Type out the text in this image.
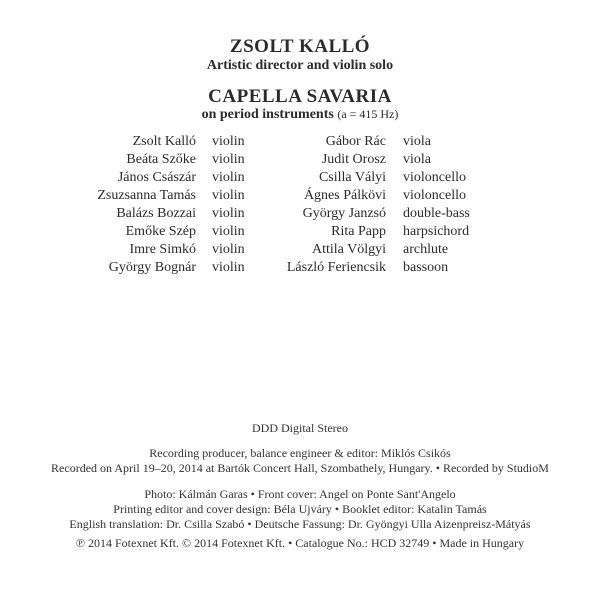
ZSOLT KALLÓ
Artistic director and violin solo
CAPELLA SAVARIA
on period instruments (a = 415 Hz)
Zsolt Kalló
Beáta Szőke
János Császár
Zsuzsanna Tamás
Balázs Bozzai
Emőke Szép
Imre Simkó
György Bognár
violin
violin
violin
violin
violin
violin
violin
violin
Gábor Rác
Judit Orosz
Csilla Vályi
Ágnes Pálkövi
György Janzsó
Rita Papp
Attila Völgyi
László Feriencsik
viola
viola
violoncello
violoncello
double-bass
harpsichord
archlute
bassoon
DDD Digital Stereo
Recording producer, balance engineer & editor: Miklós Csikós
Recorded on April 19–20, 2014 at Bartók Concert Hall, Szombathely, Hungary. • Recorded by StudioM
Photo: Kálmán Garas • Front cover: Angel on Ponte Sant'Angelo
Printing editor and cover design: Béla Ujváry • Booklet editor: Katalin Tamás
English translation: Dr. Csilla Szabó • Deutsche Fassung: Dr. Gyöngyi Ulla Aizenpreisz-Mátyás
℗ 2014 Fotexnet Kft. © 2014 Fotexnet Kft. • Catalogue No.: HCD 32749 • Made in Hungary
